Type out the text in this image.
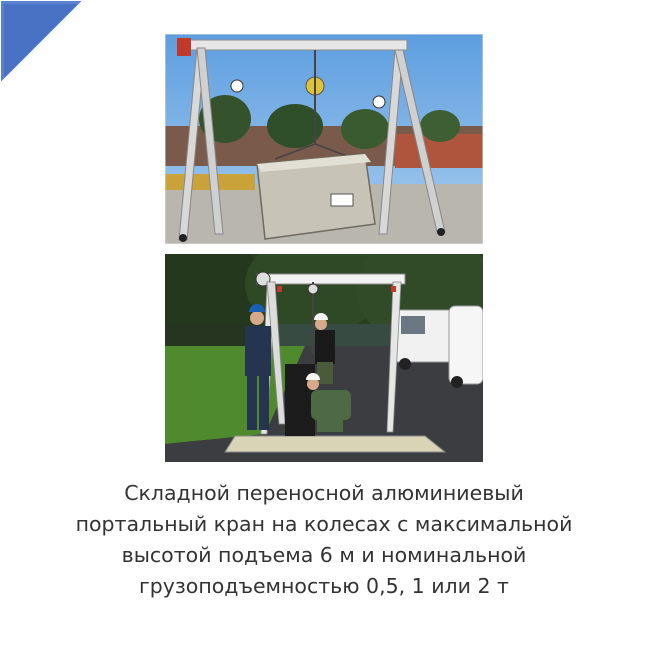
Складной переносной алюминиевый
портальный кран на колесах с максимальной
высотой подъема 6 м и номинальной
грузоподъемностью 0,5, 1 или 2 т
